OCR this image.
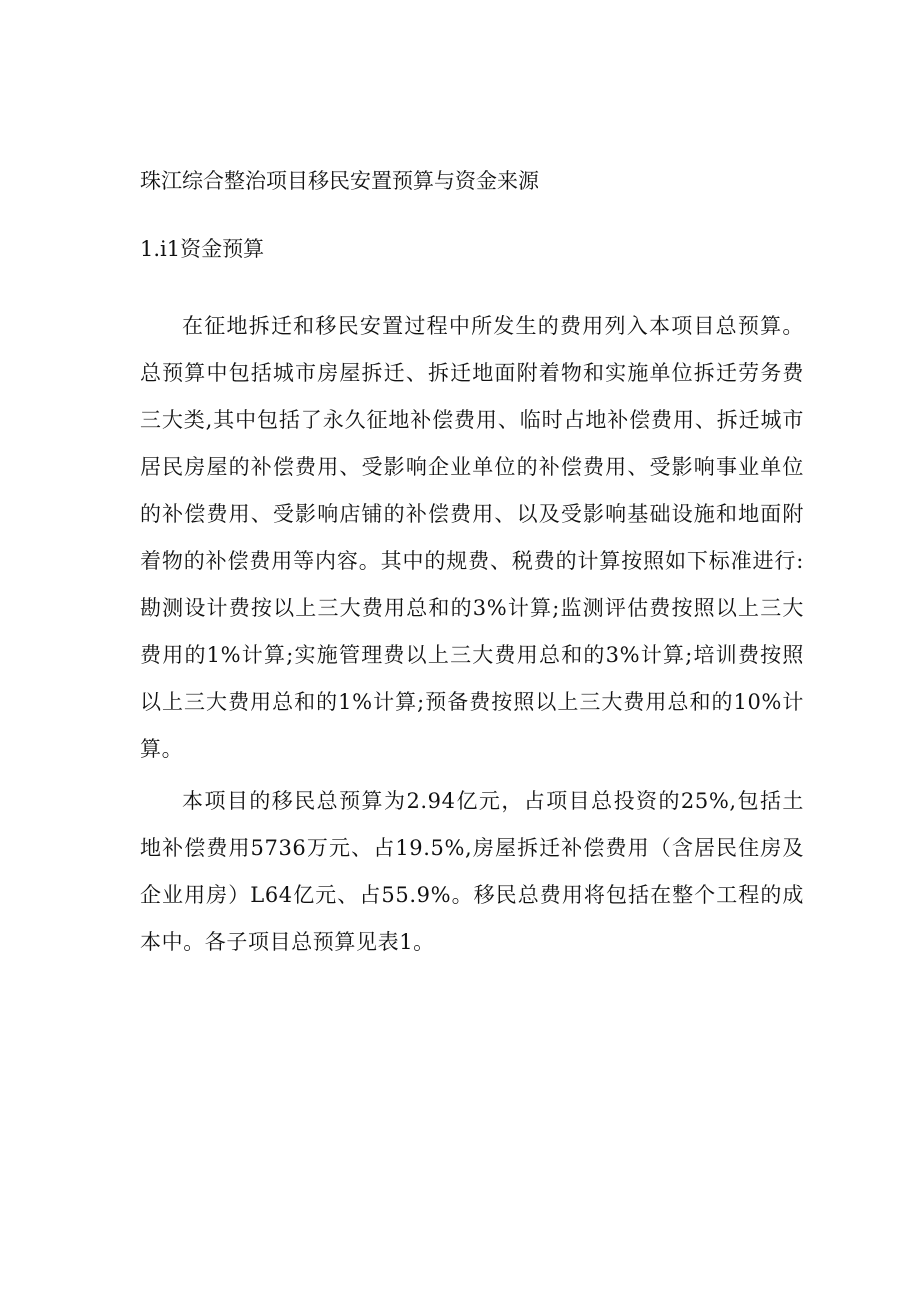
珠江综合整治项目移民安置预算与资金来源
1.i1资金预算

在征地拆迁和移民安置过程中所发生的费用列入本项目总预算。总预算中包括城市房屋拆迁、拆迁地面附着物和实施单位拆迁劳务费三大类,其中包括了永久征地补偿费用、临时占地补偿费用、拆迁城市居民房屋的补偿费用、受影响企业单位的补偿费用、受影响事业单位的补偿费用、受影响店铺的补偿费用、以及受影响基础设施和地面附着物的补偿费用等内容。其中的规费、税费的计算按照如下标准进行:勘测设计费按以上三大费用总和的3%计算;监测评估费按照以上三大费用的1%计算;实施管理费以上三大费用总和的3%计算;培训费按照以上三大费用总和的1%计算;预备费按照以上三大费用总和的10%计算。

本项目的移民总预算为2.94亿元，占项目总投资的25%,包括土地补偿费用5736万元、占19.5%,房屋拆迁补偿费用（含居民住房及企业用房）L64亿元、占55.9%。移民总费用将包括在整个工程的成本中。各子项目总预算见表1。
